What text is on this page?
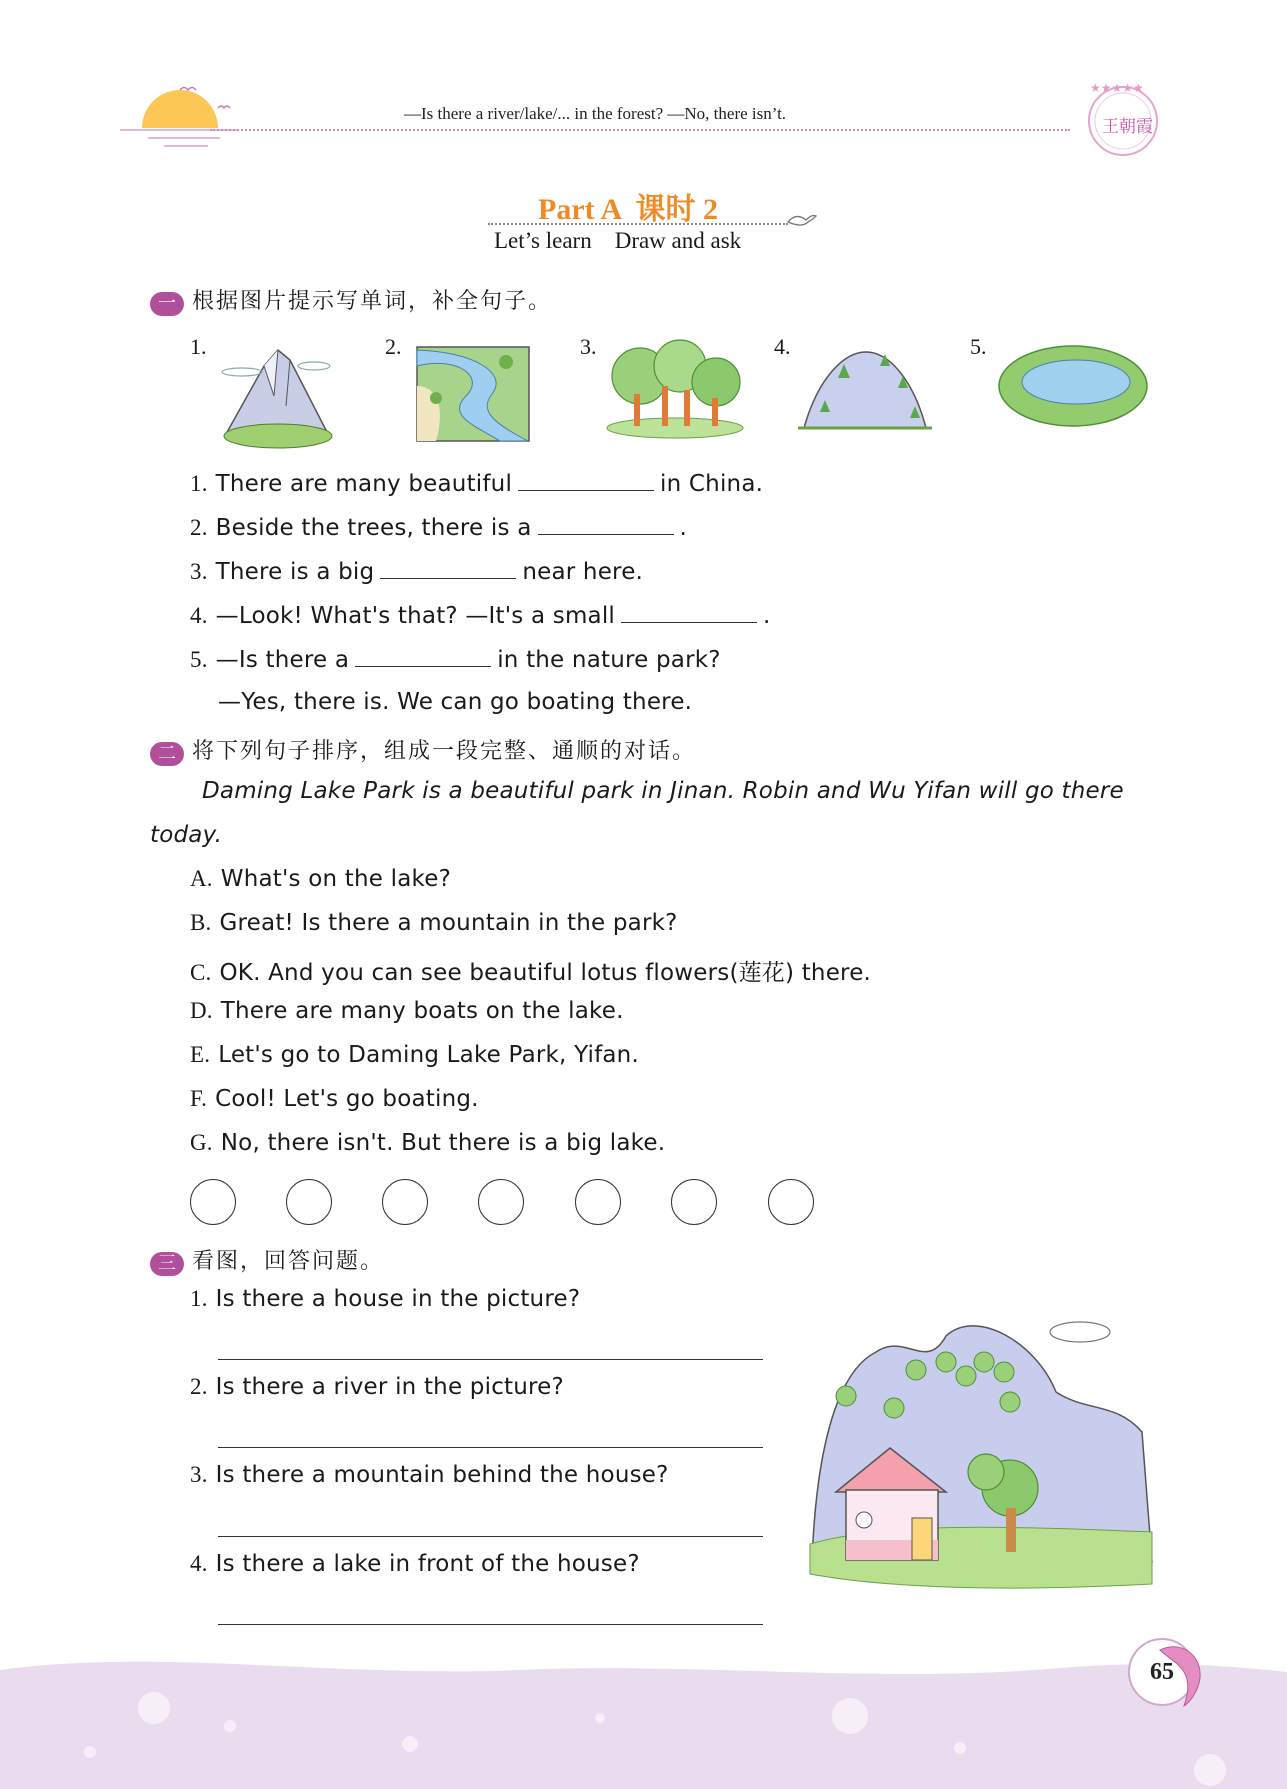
—Is there a river/lake/... in the forest? —No, there isn’t.
★★★★★
王朝霞
Part A  课时 2
Let’s learn    Draw and ask
一 根据图片提示写单词，补全句子。
1.	2.	3.	4.	5.
1. There are many beautiful	in China.
2. Beside the trees, there is a	.
3. There is a big	near here.
4. —Look! What's that? —It's a small	.
5. —Is there a	in the nature park?
—Yes, there is. We can go boating there.
二 将下列句子排序，组成一段完整、通顺的对话。
Daming Lake Park is a beautiful park in Jinan. Robin and Wu Yifan will go there
today.
A. What's on the lake?
B. Great! Is there a mountain in the park?
C. OK. And you can see beautiful lotus flowers(莲花) there.
D. There are many boats on the lake.
E. Let's go to Daming Lake Park, Yifan.
F. Cool! Let's go boating.
G. No, there isn't. But there is a big lake.
三 看图，回答问题。
1. Is there a house in the picture?
2. Is there a river in the picture?
3. Is there a mountain behind the house?
4. Is there a lake in front of the house?
65
